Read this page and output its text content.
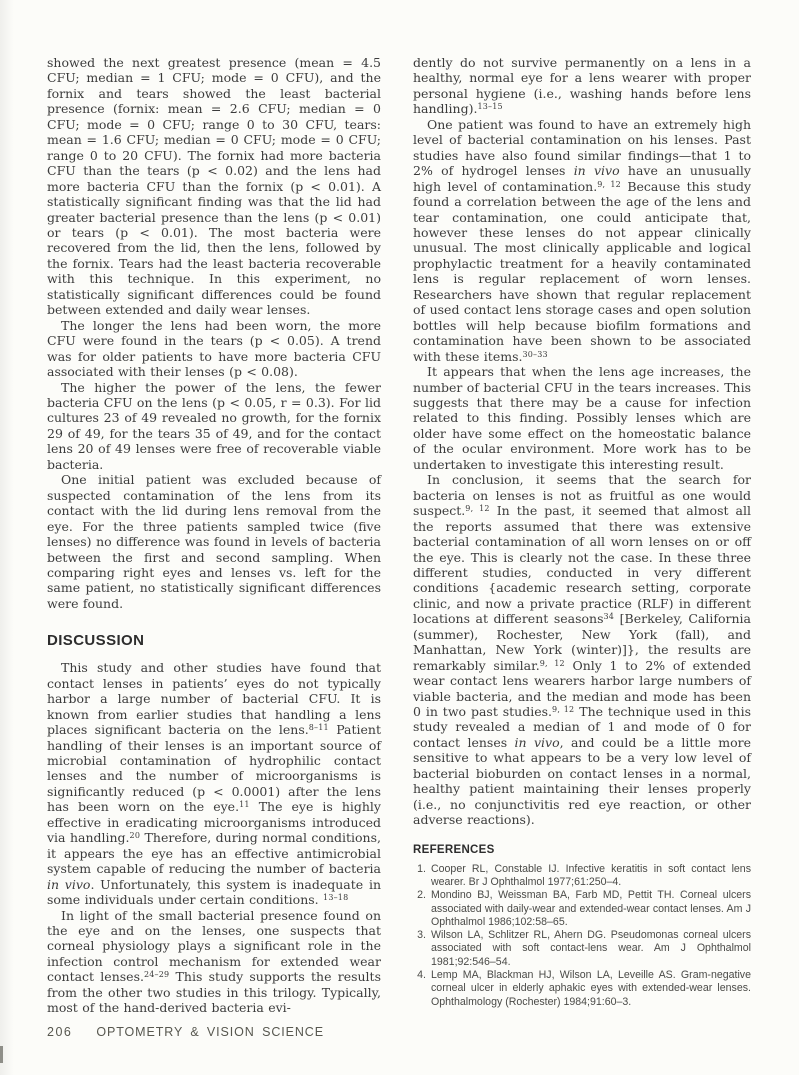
showed the next greatest presence (mean = 4.5 CFU; median = 1 CFU; mode = 0 CFU), and the fornix and tears showed the least bacterial presence (fornix: mean = 2.6 CFU; median = 0 CFU; mode = 0 CFU; range 0 to 30 CFU, tears: mean = 1.6 CFU; median = 0 CFU; mode = 0 CFU; range 0 to 20 CFU). The fornix had more bacteria CFU than the tears (p < 0.02) and the lens had more bacteria CFU than the fornix (p < 0.01). A statistically significant finding was that the lid had greater bacterial presence than the lens (p < 0.01) or tears (p < 0.01). The most bacteria were recovered from the lid, then the lens, followed by the fornix. Tears had the least bacteria recoverable with this technique. In this experiment, no statistically significant differences could be found between extended and daily wear lenses.

The longer the lens had been worn, the more CFU were found in the tears (p < 0.05). A trend was for older patients to have more bacteria CFU associated with their lenses (p < 0.08).

The higher the power of the lens, the fewer bacteria CFU on the lens (p < 0.05, r = 0.3). For lid cultures 23 of 49 revealed no growth, for the fornix 29 of 49, for the tears 35 of 49, and for the contact lens 20 of 49 lenses were free of recoverable viable bacteria.

One initial patient was excluded because of suspected contamination of the lens from its contact with the lid during lens removal from the eye. For the three patients sampled twice (five lenses) no difference was found in levels of bacteria between the first and second sampling. When comparing right eyes and lenses vs. left for the same patient, no statistically significant differences were found.

DISCUSSION

This study and other studies have found that contact lenses in patients’ eyes do not typically harbor a large number of bacterial CFU. It is known from earlier studies that handling a lens places significant bacteria on the lens.$^{8-11}$ Patient handling of their lenses is an important source of microbial contamination of hydrophilic contact lenses and the number of microorganisms is significantly reduced (p < 0.0001) after the lens has been worn on the eye.$^{11}$ The eye is highly effective in eradicating microorganisms introduced via handling.$^{20}$ Therefore, during normal conditions, it appears the eye has an effective antimicrobial system capable of reducing the number of bacteria in vivo. Unfortunately, this system is inadequate in some individuals under certain conditions. $^{13-18}$

In light of the small bacterial presence found on the eye and on the lenses, one suspects that corneal physiology plays a significant role in the infection control mechanism for extended wear contact lenses.$^{24-29}$ This study supports the results from the other two studies in this trilogy. Typically, most of the hand-derived bacteria evi-

dently do not survive permanently on a lens in a healthy, normal eye for a lens wearer with proper personal hygiene (i.e., washing hands before lens handling).$^{13-15}$

One patient was found to have an extremely high level of bacterial contamination on his lenses. Past studies have also found similar findings—that 1 to 2% of hydrogel lenses in vivo have an unusually high level of contamination.$^{9, 12}$ Because this study found a correlation between the age of the lens and tear contamination, one could anticipate that, however these lenses do not appear clinically unusual. The most clinically applicable and logical prophylactic treatment for a heavily contaminated lens is regular replacement of worn lenses. Researchers have shown that regular replacement of used contact lens storage cases and open solution bottles will help because biofilm formations and contamination have been shown to be associated with these items.$^{30-33}$

It appears that when the lens age increases, the number of bacterial CFU in the tears increases. This suggests that there may be a cause for infection related to this finding. Possibly lenses which are older have some effect on the homeostatic balance of the ocular environment. More work has to be undertaken to investigate this interesting result.

In conclusion, it seems that the search for bacteria on lenses is not as fruitful as one would suspect.$^{9, 12}$ In the past, it seemed that almost all the reports assumed that there was extensive bacterial contamination of all worn lenses on or off the eye. This is clearly not the case. In these three different studies, conducted in very different conditions {academic research setting, corporate clinic, and now a private practice (RLF) in different locations at different seasons$^{34}$ [Berkeley, California (summer), Rochester, New York (fall), and Manhattan, New York (winter)]}, the results are remarkably similar.$^{9, 12}$ Only 1 to 2% of extended wear contact lens wearers harbor large numbers of viable bacteria, and the median and mode has been 0 in two past studies.$^{9, 12}$ The technique used in this study revealed a median of 1 and mode of 0 for contact lenses in vivo, and could be a little more sensitive to what appears to be a very low level of bacterial bioburden on contact lenses in a normal, healthy patient maintaining their lenses properly (i.e., no conjunctivitis red eye reaction, or other adverse reactions).

REFERENCES
1. Cooper RL, Constable IJ. Infective keratitis in soft contact lens wearer. Br J Ophthalmol 1977;61:250–4.
2. Mondino BJ, Weissman BA, Farb MD, Pettit TH. Corneal ulcers associated with daily-wear and extended-wear contact lenses. Am J Ophthalmol 1986;102:58–65.
3. Wilson LA, Schlitzer RL, Ahern DG. Pseudomonas corneal ulcers associated with soft contact-lens wear. Am J Ophthalmol 1981;92:546–54.
4. Lemp MA, Blackman HJ, Wilson LA, Leveille AS. Gram-negative corneal ulcer in elderly aphakic eyes with extended-wear lenses. Ophthalmology (Rochester) 1984;91:60–3.
206 OPTOMETRY & VISION SCIENCE
